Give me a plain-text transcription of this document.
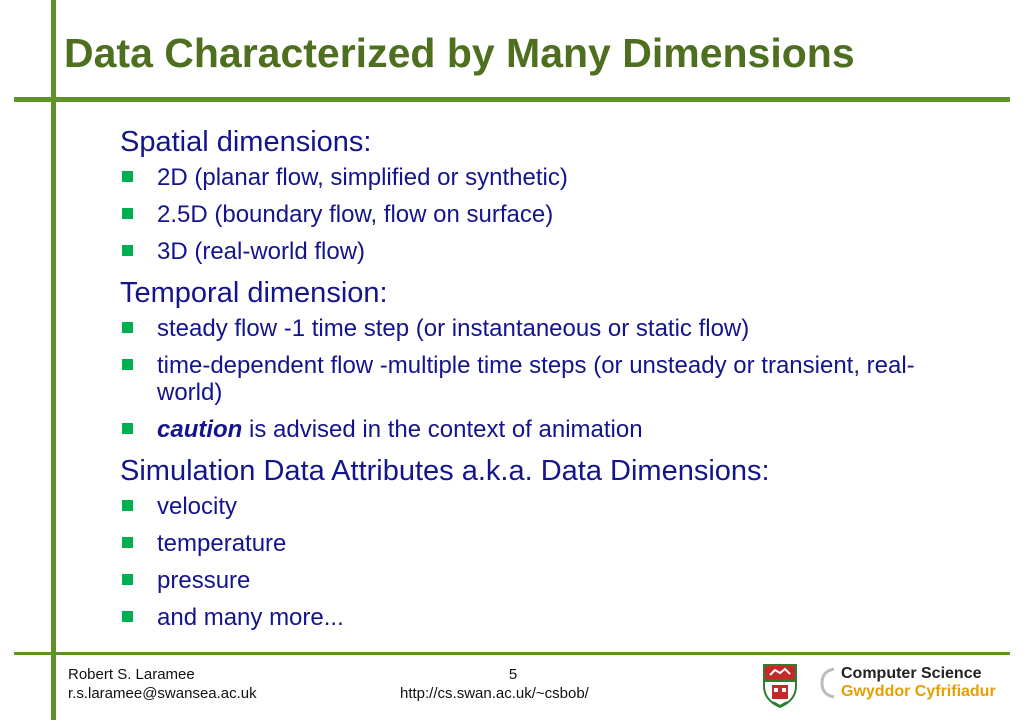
Data Characterized by Many Dimensions
Spatial dimensions:
2D (planar flow, simplified or synthetic)
2.5D (boundary flow, flow on surface)
3D (real-world flow)
Temporal dimension:
steady flow -1 time step (or instantaneous or static flow)
time-dependent flow -multiple time steps (or unsteady or transient, real-world)
caution is advised in the context of animation
Simulation Data Attributes a.k.a. Data Dimensions:
velocity
temperature
pressure
and many more...
Robert S. Laramee
r.s.laramee@swansea.ac.uk
5
http://cs.swan.ac.uk/~csbob/
Computer Science
Gwyddor Cyfrifiadur
